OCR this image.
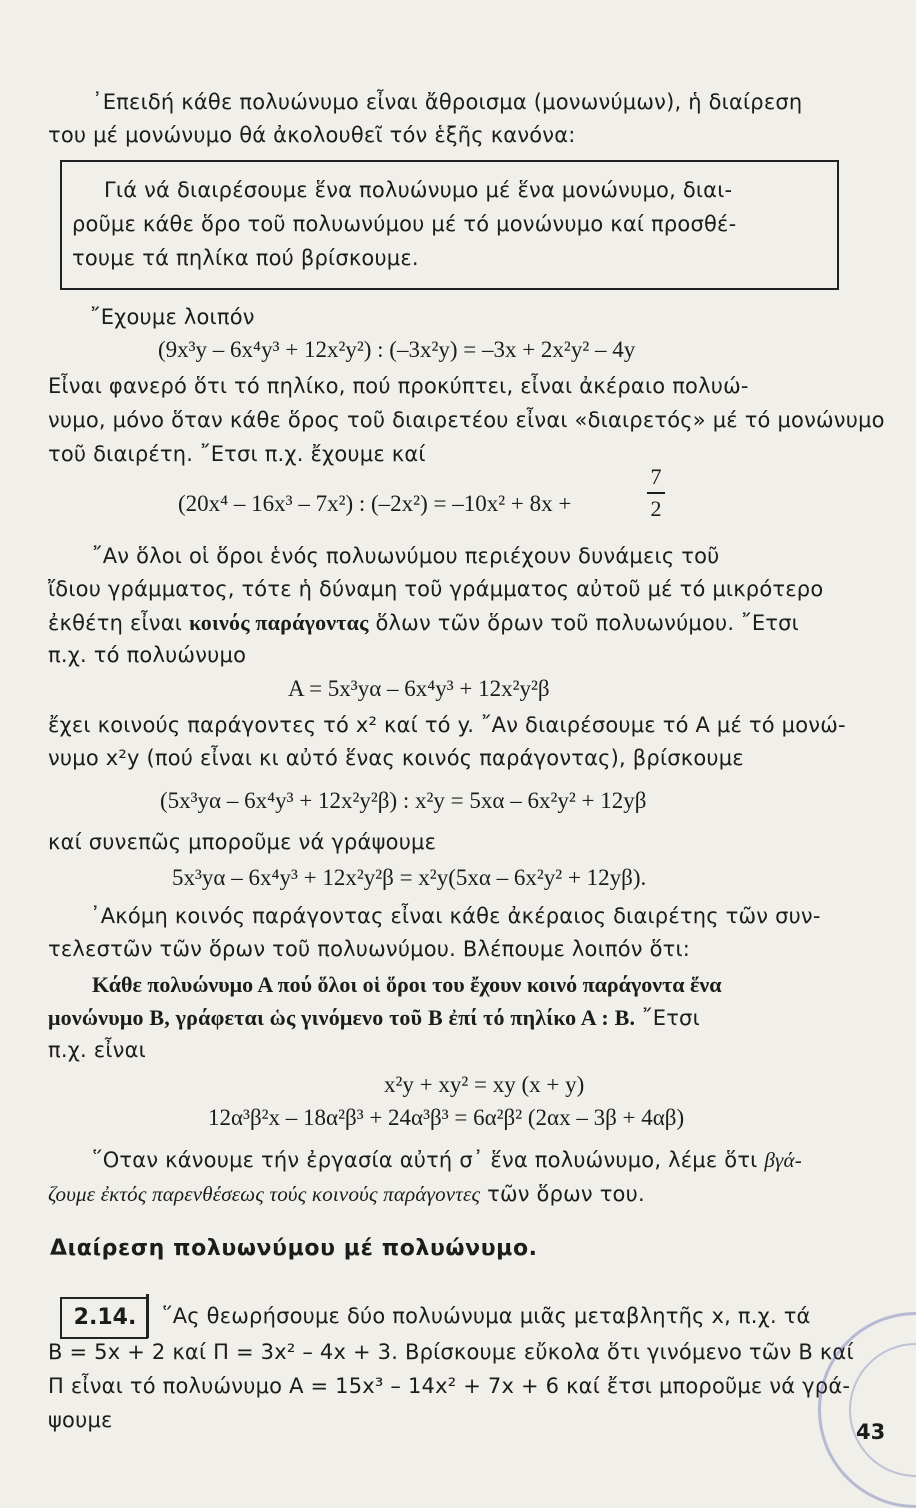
᾿Επειδή κάθε πολυώνυμο εἶναι ἄθροισμα (μονωνύμων), ἡ διαίρεση
του μέ μονώνυμο θά ἀκολουθεῖ τόν ἑξῆς κανόνα:
Γιά νά διαιρέσουμε ἕνα πολυώνυμο μέ ἕνα μονώνυμο, διαι-
ροῦμε κάθε ὅρο τοῦ πολυωνύμου μέ τό μονώνυμο καί προσθέ-
τουμε τά πηλίκα πού βρίσκουμε.
῎Εχουμε λοιπόν
(9x³y – 6x⁴y³ + 12x²y²) : (–3x²y) = –3x + 2x²y² – 4y
Εἶναι φανερό ὅτι τό πηλίκο, πού προκύπτει, εἶναι ἀκέραιο πολυώ-
νυμο, μόνο ὅταν κάθε ὅρος τοῦ διαιρετέου εἶναι «διαιρετός» μέ τό μονώνυμο
τοῦ διαιρέτη. ῎Ετσι π.χ. ἔχουμε καί
(20x⁴ – 16x³ – 7x²) : (–2x²) = –10x² + 8x +
7
2
῎Αν ὅλοι οἱ ὅροι ἑνός πολυωνύμου περιέχουν δυνάμεις τοῦ
ἴδιου γράμματος, τότε ἡ δύναμη τοῦ γράμματος αὐτοῦ μέ τό μικρότερο
ἐκθέτη εἶναι κοινός παράγοντας ὅλων τῶν ὅρων τοῦ πολυωνύμου. ῎Ετσι
π.χ. τό πολυώνυμο
Α = 5x³yα – 6x⁴y³ + 12x²y²β
ἔχει κοινούς παράγοντες τό x² καί τό y. ῎Αν διαιρέσουμε τό Α μέ τό μονώ-
νυμο x²y (πού εἶναι κι αὐτό ἕνας κοινός παράγοντας), βρίσκουμε
(5x³yα – 6x⁴y³ + 12x²y²β) : x²y = 5xα – 6x²y² + 12yβ
καί συνεπῶς μποροῦμε νά γράψουμε
5x³yα – 6x⁴y³ + 12x²y²β = x²y(5xα – 6x²y² + 12yβ).
᾿Ακόμη κοινός παράγοντας εἶναι κάθε ἀκέραιος διαιρέτης τῶν συν-
τελεστῶν τῶν ὅρων τοῦ πολυωνύμου. Βλέπουμε λοιπόν ὅτι:
Κάθε πολυώνυμο Α πού ὅλοι οἱ ὅροι του ἔχουν κοινό παράγοντα ἕνα
μονώνυμο Β, γράφεται ὡς γινόμενο τοῦ Β ἐπί τό πηλίκο Α : Β. ῎Ετσι
π.χ. εἶναι
x²y + xy² = xy (x + y)
12α³β²x – 18α²β³ + 24α³β³ = 6α²β² (2αx – 3β + 4αβ)
῞Οταν κάνουμε τήν ἐργασία αὐτή σ᾿ ἕνα πολυώνυμο, λέμε ὅτι βγά-
ζουμε ἐκτός παρενθέσεως τούς κοινούς παράγοντες τῶν ὅρων του.
Διαίρεση πολυωνύμου μέ πολυώνυμο.
2.14.	῞Ας θεωρήσουμε δύο πολυώνυμα μιᾶς μεταβλητῆς x, π.χ. τά
Β = 5x + 2 καί Π = 3x² – 4x + 3. Βρίσκουμε εὔκολα ὅτι γινόμενο τῶν Β καί
Π εἶναι τό πολυώνυμο Α = 15x³ – 14x² + 7x + 6 καί ἔτσι μποροῦμε νά γρά-
ψουμε	43
